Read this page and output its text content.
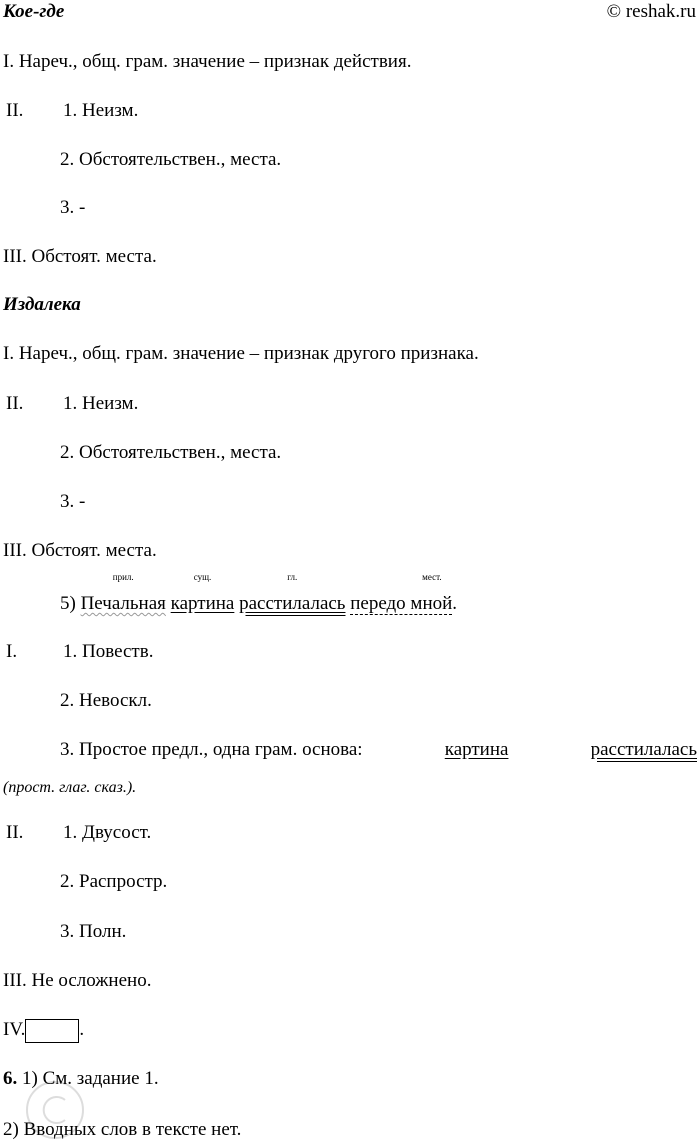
© reshak.ru
Кое-где
I. Нареч., общ. грам. значение – признак действия.
II. 1. Неизм.
2. Обстоятельствен., места.
3. -
III. Обстоят. места.
Издалека
I. Нареч., общ. грам. значение – признак другого признака.
II. 1. Неизм.
2. Обстоятельствен., места.
3. -
III. Обстоят. места.
5)
прил.
Печальная
сущ.
картина
гл.
расстилалась
мест.
передо мной.
I. 1. Повеств.
2. Невоскл.
3. Простое предл., одна грам. основа:	картина	расстилалась
(прост. глаг. сказ.).
II. 1. Двусост.
2. Распростр.
3. Полн.
III. Не осложнено.
IV.	.
6. 1) См. задание 1.
2) Вводных слов в тексте нет.
